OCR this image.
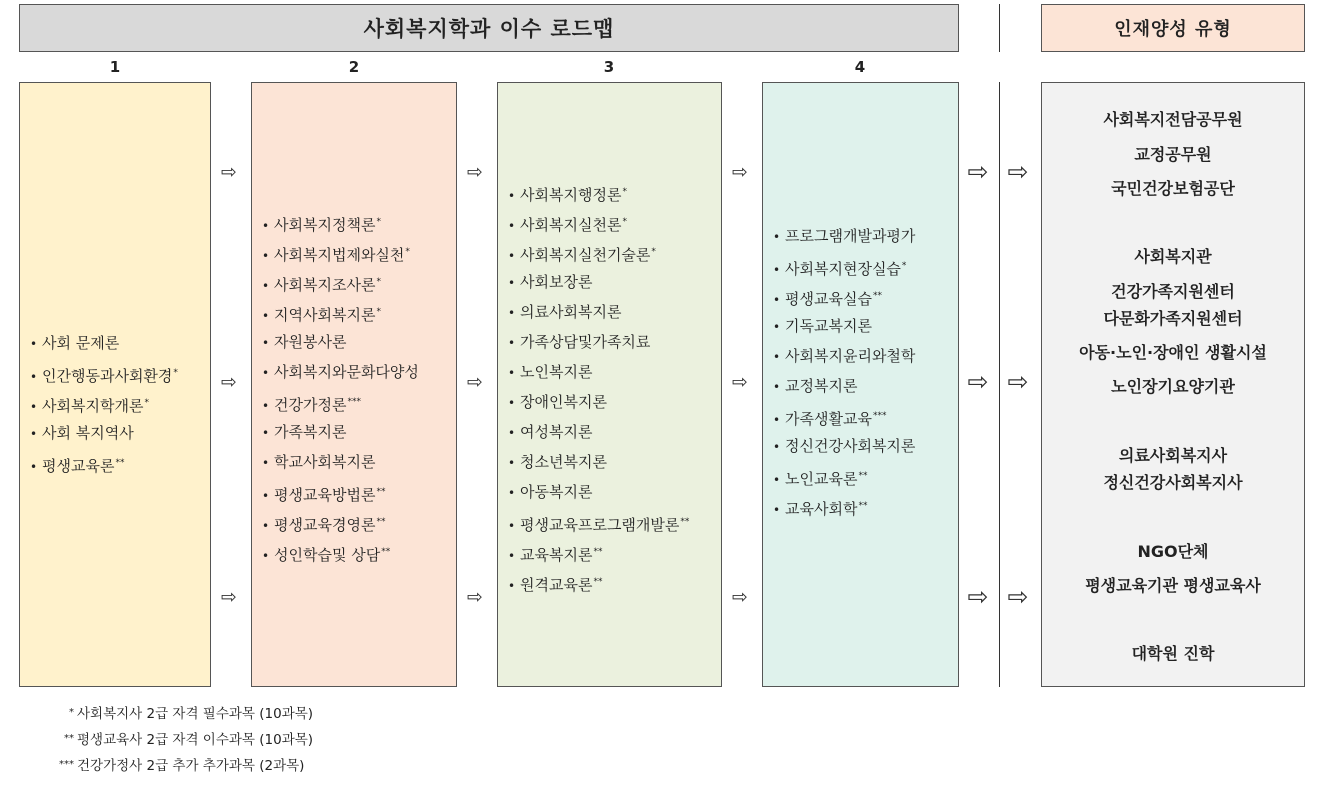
사회복지학과 이수 로드맵	인재양성 유형
1	2	3	4
• 사회 문제론
• 인간행동과사회환경*
• 사회복지학개론*
• 사회 복지역사
• 평생교육론**
• 사회복지정책론*
• 사회복지법제와실천*
• 사회복지조사론*
• 지역사회복지론*
• 자원봉사론
• 사회복지와문화다양성
• 건강가정론***
• 가족복지론
• 학교사회복지론
• 평생교육방법론**
• 평생교육경영론**
• 성인학습및 상담**
• 사회복지행정론*
• 사회복지실천론*
• 사회복지실천기술론*
• 사회보장론
• 의료사회복지론
• 가족상담및가족치료
• 노인복지론
• 장애인복지론
• 여성복지론
• 청소년복지론
• 아동복지론
• 평생교육프로그램개발론**
• 교육복지론**
• 원격교육론**
• 프로그램개발과평가
• 사회복지현장실습*
• 평생교육실습**
• 기독교복지론
• 사회복지윤리와철학
• 교정복지론
• 가족생활교육***
• 정신건강사회복지론
• 노인교육론**
• 교육사회학**
사회복지전담공무원
교정공무원
국민건강보험공단
사회복지관
건강가족지원센터
다문화가족지원센터
아동·노인·장애인 생활시설
노인장기요양기관
의료사회복지사
정신건강사회복지사
NGO단체
평생교육기관 평생교육사
대학원 진학
⇨
⇨
⇨
⇨
⇨
⇨
⇨
⇨
⇨
⇨
⇨
⇨
⇨
⇨
⇨
* 사회복지사 2급 자격 필수과목 (10과목)
** 평생교육사 2급 자격 이수과목 (10과목)
*** 건강가정사 2급 추가 추가과목 (2과목)
